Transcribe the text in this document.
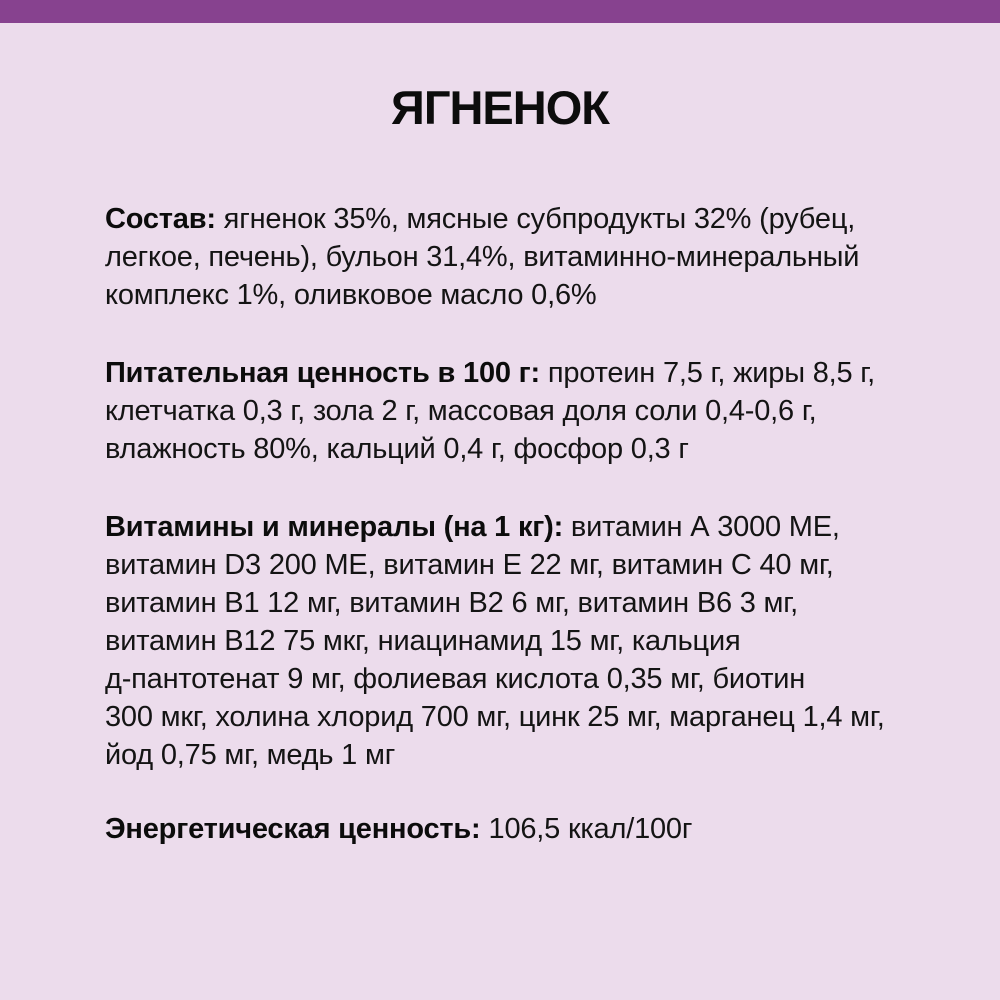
ЯГНЕНОК
Состав: ягненок 35%, мясные субпродукты 32% (рубец,
легкое, печень), бульон 31,4%, витаминно-минеральный
комплекс 1%, оливковое масло 0,6%
Питательная ценность в 100 г: протеин 7,5 г, жиры 8,5 г,
клетчатка 0,3 г, зола 2 г, массовая доля соли 0,4-0,6 г,
влажность 80%, кальций 0,4 г, фосфор 0,3 г
Витамины и минералы (на 1 кг): витамин А 3000 МЕ,
витамин D3 200 МЕ, витамин Е 22 мг, витамин С 40 мг,
витамин B1 12 мг, витамин B2 6 мг, витамин B6 3 мг,
витамин B12 75 мкг, ниацинамид 15 мг, кальция
д-пантотенат 9 мг, фолиевая кислота 0,35 мг, биотин
300 мкг, холина хлорид 700 мг, цинк 25 мг, марганец 1,4 мг,
йод 0,75 мг, медь 1 мг
Энергетическая ценность: 106,5 ккал/100г
